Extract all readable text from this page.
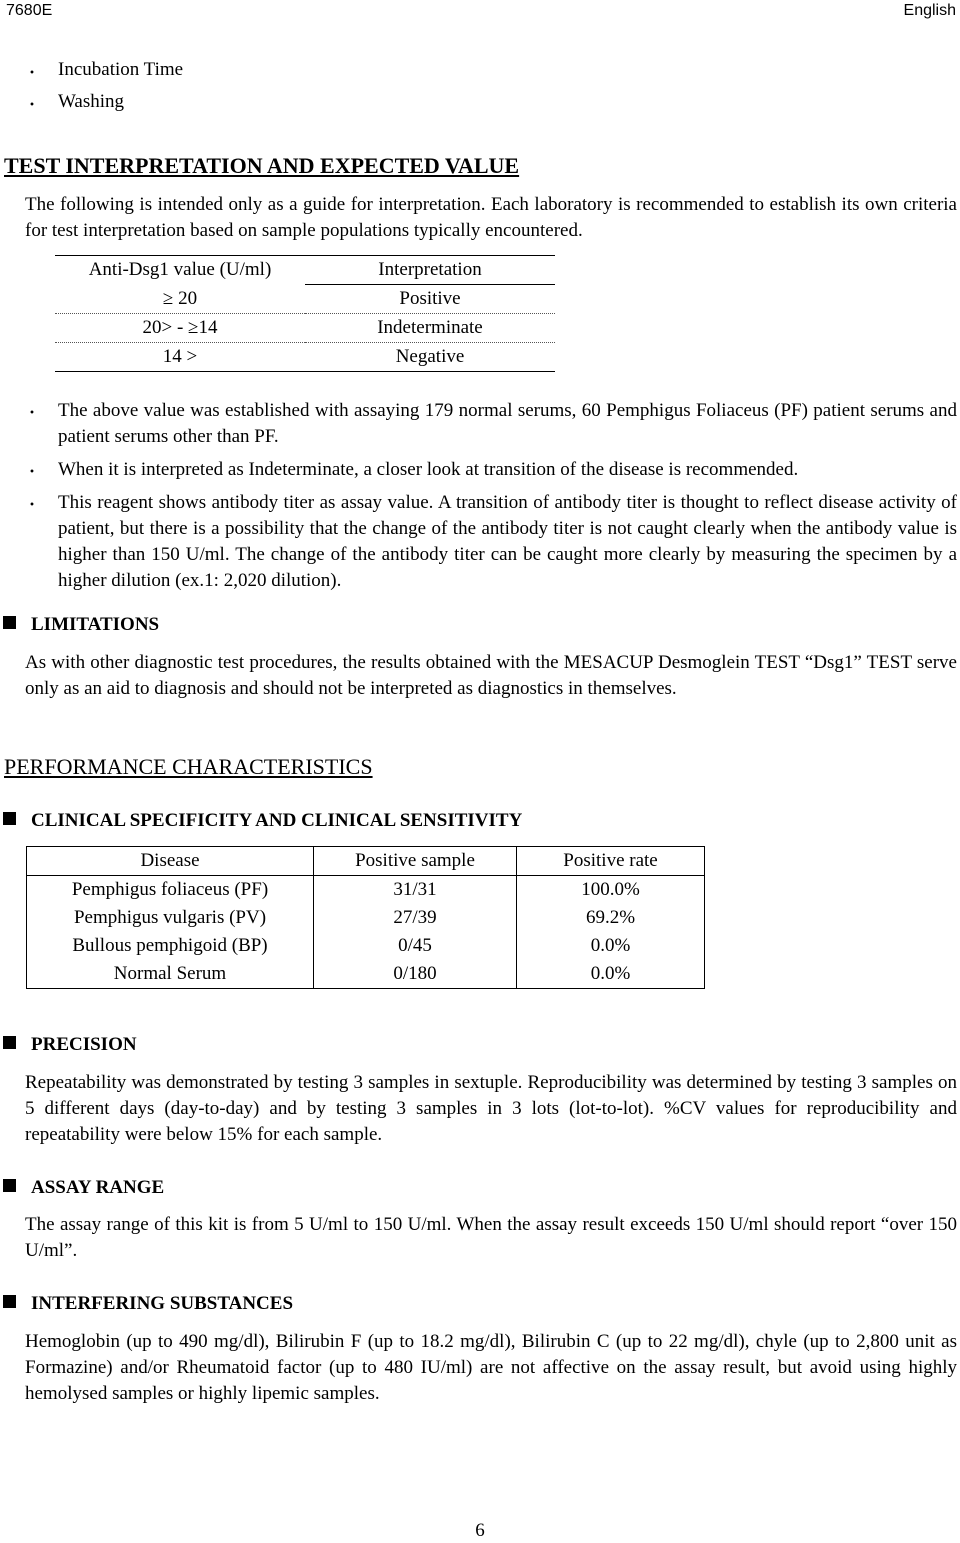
7680E	English
・ Incubation Time
・ Washing
TEST INTERPRETATION AND EXPECTED VALUE
The following is intended only as a guide for interpretation. Each laboratory is recommended to establish its own criteria for test interpretation based on sample populations typically encountered.
Anti-Dsg1 value (U/ml)	Interpretation
≥ 20	Positive
20> - ≥14	Indeterminate
14 >	Negative
・ The above value was established with assaying 179 normal serums, 60 Pemphigus Foliaceus (PF) patient serums and patient serums other than PF.
・ When it is interpreted as Indeterminate, a closer look at transition of the disease is recommended.
・ This reagent shows antibody titer as assay value. A transition of antibody titer is thought to reflect disease activity of patient, but there is a possibility that the change of the antibody titer is not caught clearly when the antibody value is higher than 150 U/ml. The change of the antibody titer can be caught more clearly by measuring the specimen by a higher dilution (ex.1: 2,020 dilution).
LIMITATIONS
As with other diagnostic test procedures, the results obtained with the MESACUP Desmoglein TEST “Dsg1” TEST serve only as an aid to diagnosis and should not be interpreted as diagnostics in themselves.
PERFORMANCE CHARACTERISTICS
CLINICAL SPECIFICITY AND CLINICAL SENSITIVITY
Disease	Positive sample	Positive rate
Pemphigus foliaceus (PF)	31/31	100.0%
Pemphigus vulgaris (PV)	27/39	69.2%
Bullous pemphigoid (BP)	0/45	0.0%
Normal Serum	0/180	0.0%
PRECISION
Repeatability was demonstrated by testing 3 samples in sextuple. Reproducibility was determined by testing 3 samples on 5 different days (day-to-day) and by testing 3 samples in 3 lots (lot-to-lot). %CV values for reproducibility and repeatability were below 15% for each sample.
ASSAY RANGE
The assay range of this kit is from 5 U/ml to 150 U/ml. When the assay result exceeds 150 U/ml should report “over 150 U/ml”.
INTERFERING SUBSTANCES
Hemoglobin (up to 490 mg/dl), Bilirubin F (up to 18.2 mg/dl), Bilirubin C (up to 22 mg/dl), chyle (up to 2,800 unit as Formazine) and/or Rheumatoid factor (up to 480 IU/ml) are not affective on the assay result, but avoid using highly hemolysed samples or highly lipemic samples.
6
